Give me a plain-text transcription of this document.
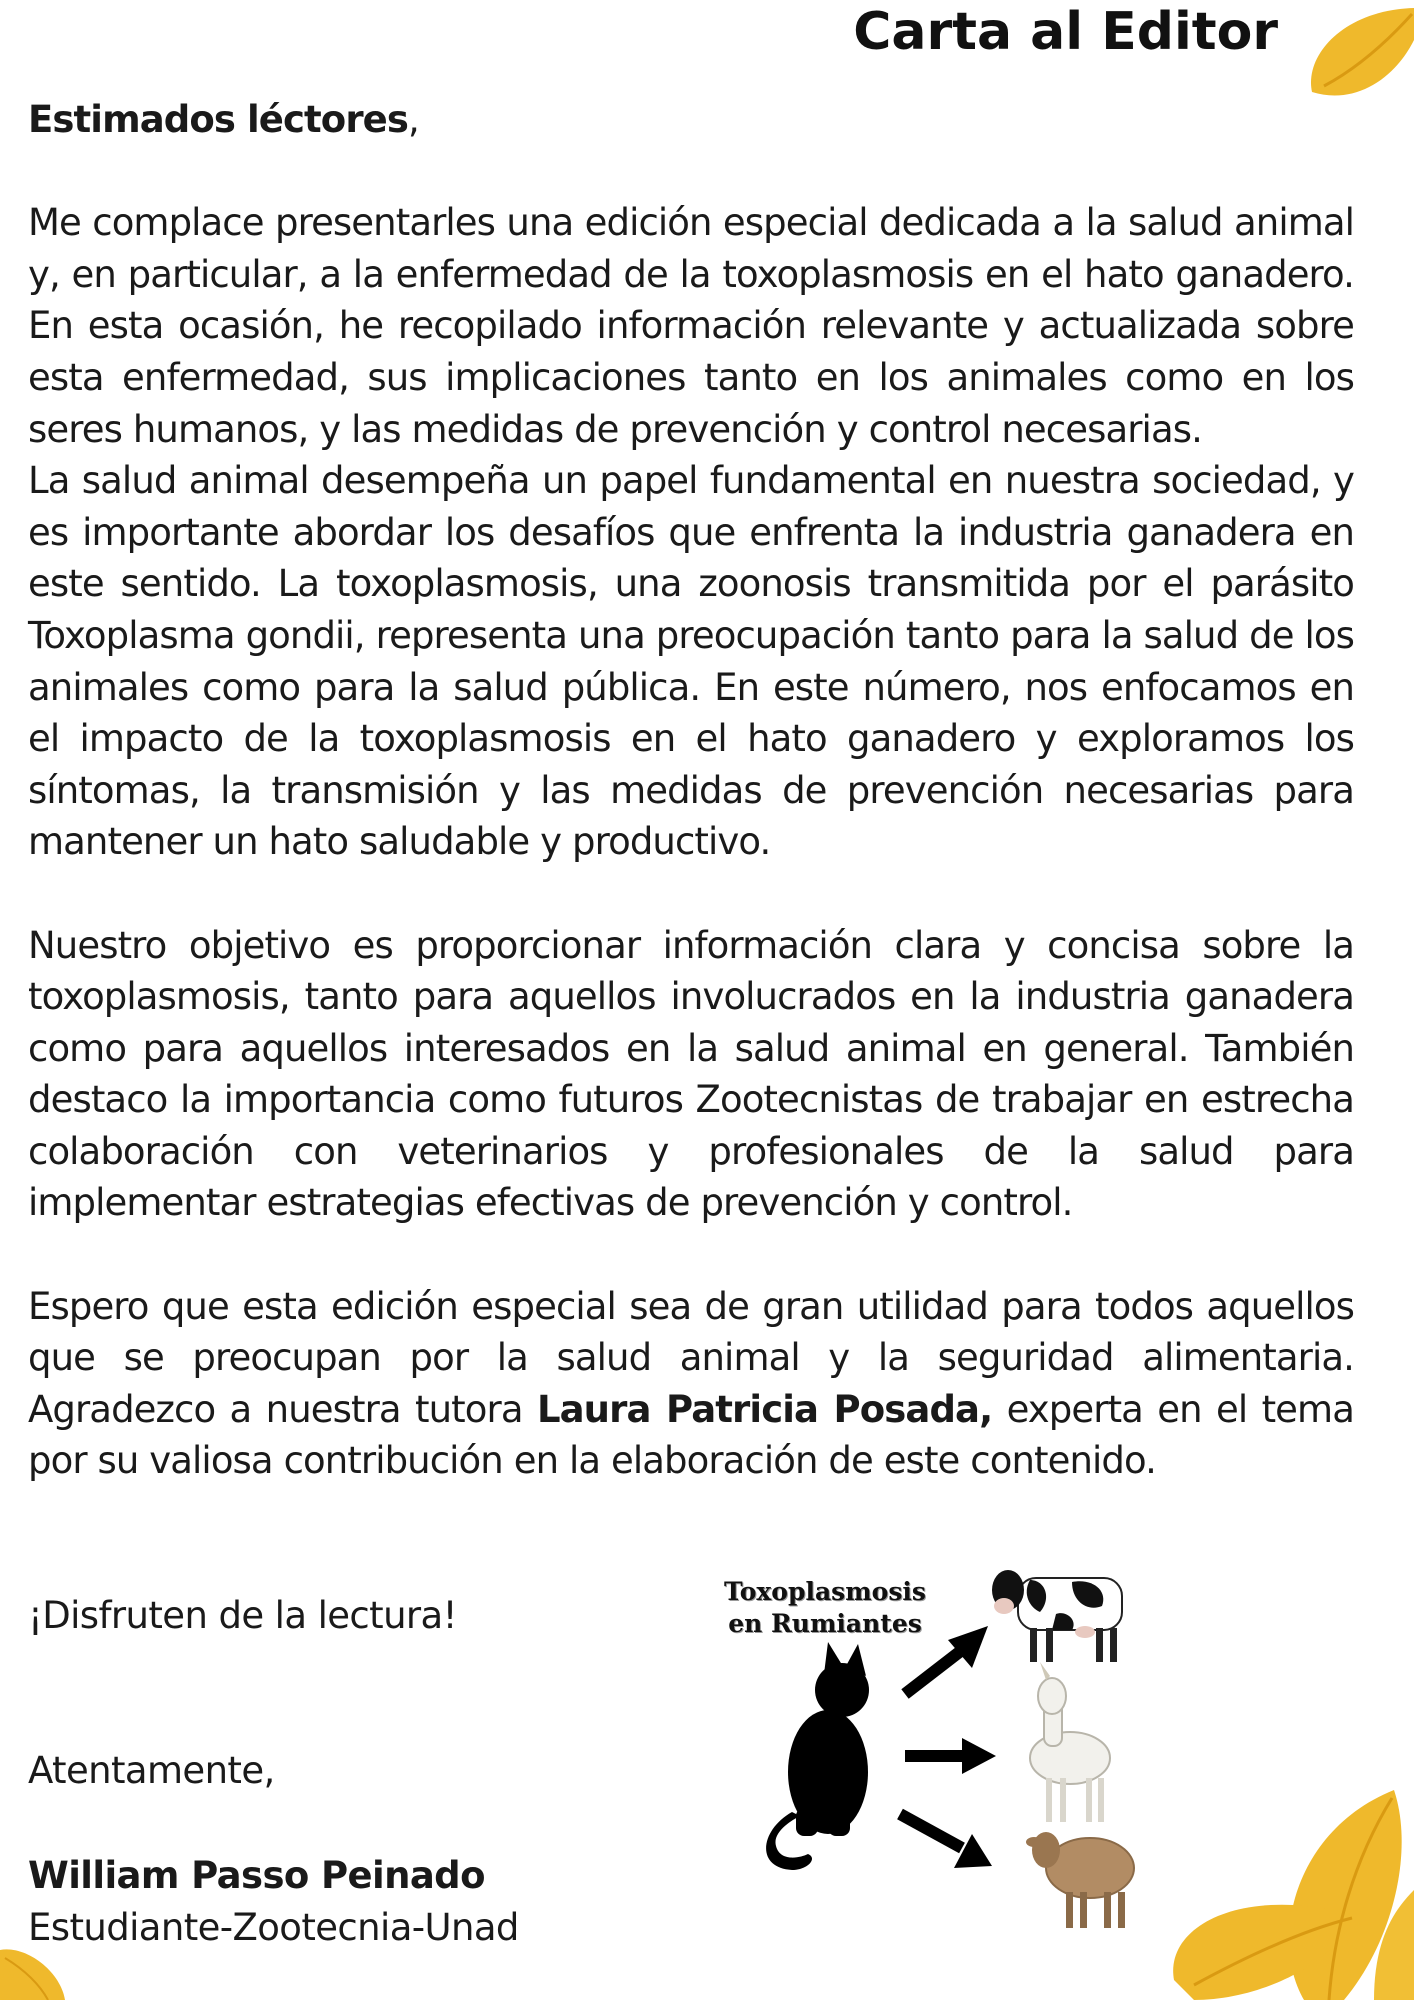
Carta al Editor

Estimados léctores,

Me complace presentarles una edición especial dedicada a la salud animal y, en particular, a la enfermedad de la toxoplasmosis en el hato ganadero. En esta ocasión, he recopilado información relevante y actualizada sobre esta enfermedad, sus implicaciones tanto en los animales como en los seres humanos, y las medidas de prevención y control necesarias.

La salud animal desempeña un papel fundamental en nuestra sociedad, y es importante abordar los desafíos que enfrenta la industria ganadera en este sentido. La toxoplasmosis, una zoonosis transmitida por el parásito Toxoplasma gondii, representa una preocupación tanto para la salud de los animales como para la salud pública. En este número, nos enfocamos en el impacto de la toxoplasmosis en el hato ganadero y exploramos los síntomas, la transmisión y las medidas de prevención necesarias para mantener un hato saludable y productivo.

Nuestro objetivo es proporcionar información clara y concisa sobre la toxoplasmosis, tanto para aquellos involucrados en la industria ganadera como para aquellos interesados en la salud animal en general. También destaco la importancia como futuros Zootecnistas de trabajar en estrecha colaboración con veterinarios y profesionales de la salud para implementar estrategias efectivas de prevención y control.

Espero que esta edición especial sea de gran utilidad para todos aquellos que se preocupan por la salud animal y la seguridad alimentaria. Agradezco a nuestra tutora Laura Patricia Posada, experta en el tema por su valiosa contribución en la elaboración de este contenido.

¡Disfruten de la lectura!
Atentamente,
William Passo Peinado
Estudiante-Zootecnia-Unad
Toxoplasmosis
en Rumiantes
